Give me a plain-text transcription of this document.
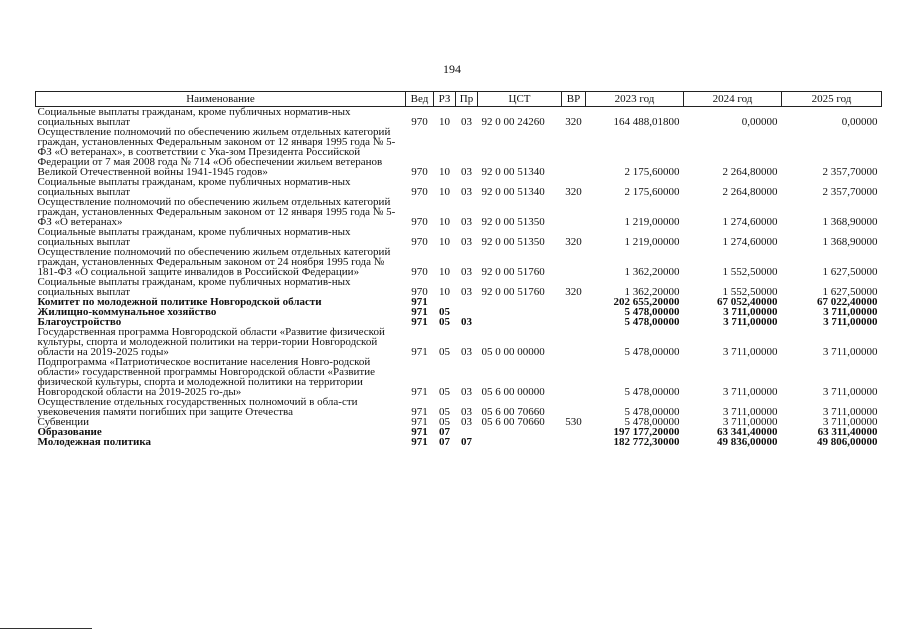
194
Наименование	Вед	РЗ	Пр	ЦСТ	ВР	2023 год	2024 год	2025 год
Социальные выплаты гражданам, кроме публичных норматив-ных социальных выплат	970	10	03	92 0 00 24260	320	164 488,01800	0,00000	0,00000
Осуществление полномочий по обеспечению жильем отдельных категорий граждан, установленных Федеральным законом от 12 января 1995 года № 5-ФЗ «О ветеранах», в соответствии с Ука-зом Президента Российской Федерации от 7 мая 2008 года № 714 «Об обеспечении жильем ветеранов Великой Отечественной войны 1941-1945 годов»	970	10	03	92 0 00 51340		2 175,60000	2 264,80000	2 357,70000
Социальные выплаты гражданам, кроме публичных норматив-ных социальных выплат	970	10	03	92 0 00 51340	320	2 175,60000	2 264,80000	2 357,70000
Осуществление полномочий по обеспечению жильем отдельных категорий граждан, установленных Федеральным законом от 12 января 1995 года № 5-ФЗ «О ветеранах»	970	10	03	92 0 00 51350		1 219,00000	1 274,60000	1 368,90000
Социальные выплаты гражданам, кроме публичных норматив-ных социальных выплат	970	10	03	92 0 00 51350	320	1 219,00000	1 274,60000	1 368,90000
Осуществление полномочий по обеспечению жильем отдельных категорий граждан, установленных Федеральным законом от 24 ноября 1995 года № 181-ФЗ «О социальной защите инвалидов в Российской Федерации»	970	10	03	92 0 00 51760		1 362,20000	1 552,50000	1 627,50000
Социальные выплаты гражданам, кроме публичных норматив-ных социальных выплат	970	10	03	92 0 00 51760	320	1 362,20000	1 552,50000	1 627,50000
Комитет по молодежной политике Новгородской области	971					202 655,20000	67 052,40000	67 022,40000
Жилищно-коммунальное хозяйство	971	05				5 478,00000	3 711,00000	3 711,00000
Благоустройство	971	05	03			5 478,00000	3 711,00000	3 711,00000
Государственная программа Новгородской области «Развитие физической культуры, спорта и молодежной политики на терри-тории Новгородской области на 2019-2025 годы»	971	05	03	05 0 00 00000		5 478,00000	3 711,00000	3 711,00000
Подпрограмма «Патриотическое воспитание населения Новго-родской области» государственной программы Новгородской области «Развитие физической культуры, спорта и молодежной политики на территории Новгородской области на 2019-2025 го-ды»	971	05	03	05 6 00 00000		5 478,00000	3 711,00000	3 711,00000
Осуществление отдельных государственных полномочий в обла-сти увековечения памяти погибших при защите Отечества	971	05	03	05 6 00 70660		5 478,00000	3 711,00000	3 711,00000
Субвенции	971	05	03	05 6 00 70660	530	5 478,00000	3 711,00000	3 711,00000
Образование	971	07				197 177,20000	63 341,40000	63 311,40000
Молодежная политика	971	07	07			182 772,30000	49 836,00000	49 806,00000
